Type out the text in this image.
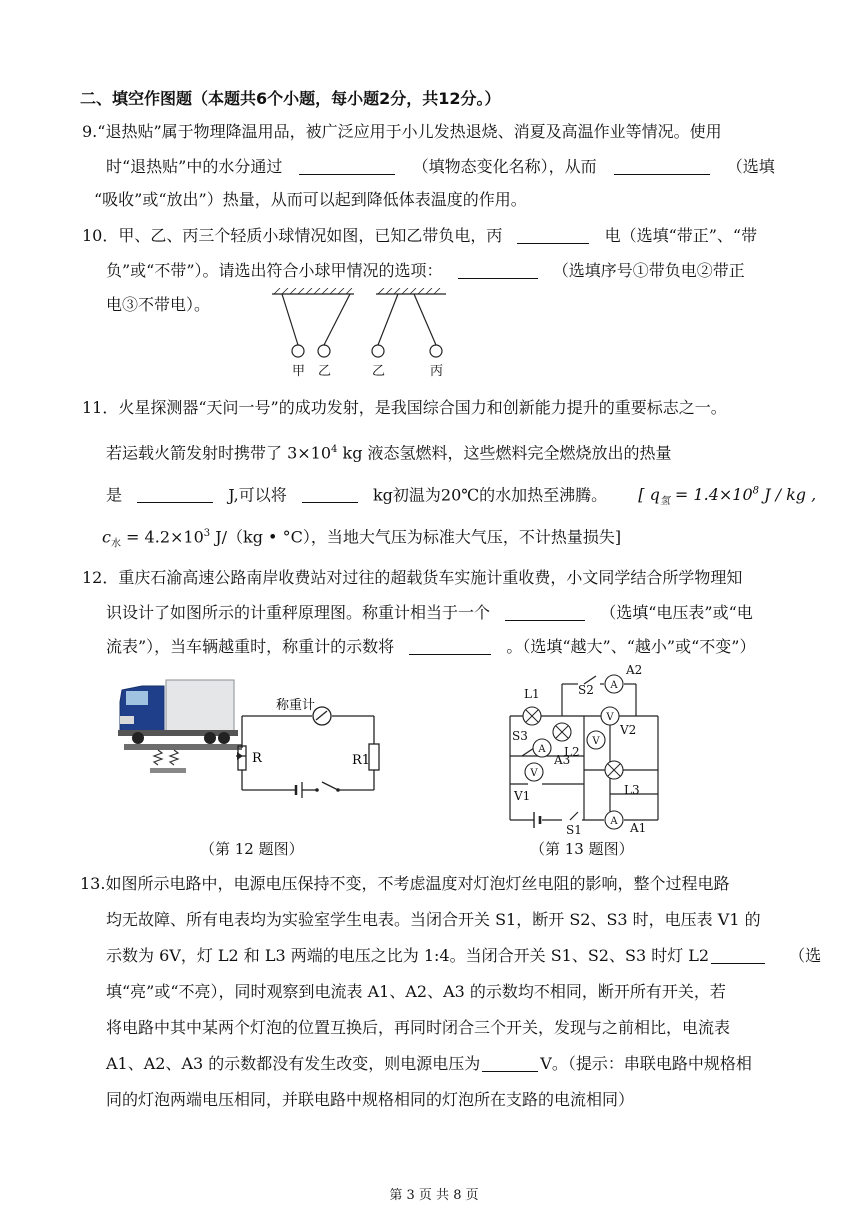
二、填空作图题（本题共6个小题，每小题2分，共12分。）
9.“退热贴”属于物理降温用品，被广泛应用于小儿发热退烧、消夏及高温作业等情况。使用
时“退热贴”中的水分通过	（填物态变化名称），从而	（选填
“吸收”或“放出”）热量，从而可以起到降低体表温度的作用。
10．甲、乙、丙三个轻质小球情况如图，已知乙带负电，丙	电（选填“带正”、“带
负”或“不带”）。请选出符合小球甲情况的选项：	（选填序号①带负电②带正
电③不带电）。
甲 乙	乙	丙
11．火星探测器“天问一号”的成功发射，是我国综合国力和创新能力提升的重要标志之一。
若运载火箭发射时携带了 $3\times 10^4$ kg 液态氢燃料，这些燃料完全燃烧放出的热量
是	J,可以将	kg初温为20℃的水加热至沸腾。 [ $q_氢 = 1.4\times 10^8$ J / kg ,
$c_水 = 4.2\times 10^3$ J/（kg • °C），当地大气压为标准大气压，不计热量损失]
12．重庆石渝高速公路南岸收费站对过往的超载货车实施计重收费，小文同学结合所学物理知
识设计了如图所示的计重秤原理图。称重计相当于一个	（选填“电压表”或“电
流表”），当车辆越重时，称重计的示数将	。（选填“越大”、“越小”或“不变”）
称重计
R	R1
（第 12 题图）
A
A
A
V
V
V
L1	S2
A2
S3
A3
L2
V2
V1	L3
S1	A1
（第 13 题图）
13.如图所示电路中，电源电压保持不变，不考虑温度对灯泡灯丝电阻的影响，整个过程电路
均无故障、所有电表均为实验室学生电表。当闭合开关 S1，断开 S2、S3 时，电压表 V1 的
示数为 6V，灯 L2 和 L3 两端的电压之比为 1:4。当闭合开关 S1、S2、S3 时灯 L2	（选
填“亮”或“不亮），同时观察到电流表 A1、A2、A3 的示数均不相同，断开所有开关，若
将电路中其中某两个灯泡的位置互换后，再同时闭合三个开关，发现与之前相比，电流表
A1、A2、A3 的示数都没有发生改变，则电源电压为	V。（提示：串联电路中规格相
同的灯泡两端电压相同，并联电路中规格相同的灯泡所在支路的电流相同）
第 3 页 共 8 页
